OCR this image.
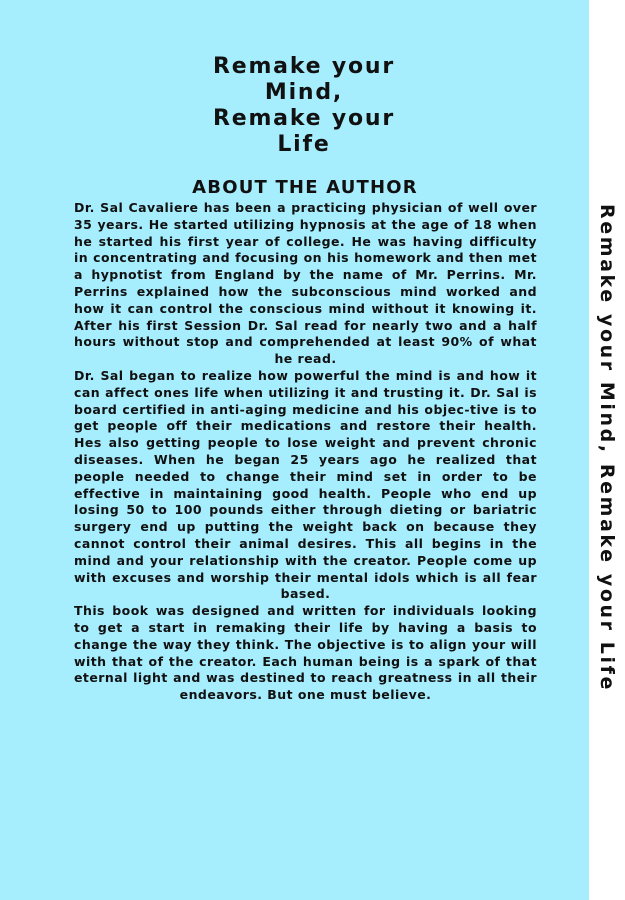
Remake your
Mind,
Remake your
Life
ABOUT THE AUTHOR

Dr. Sal Cavaliere has been a practicing physician of well over 35 years. He started utilizing hypnosis at the age of 18 when he started his first year of college. He was having difficulty in concentrating and focusing on his homework and then met a hypnotist from England by the name of Mr. Perrins. Mr. Perrins explained how the subconscious mind worked and how it can control the conscious mind without it knowing it. After his first Session Dr. Sal read for nearly two and a half hours without stop and comprehended at least 90% of what he read.

Dr. Sal began to realize how powerful the mind is and how it can affect ones life when utilizing it and trusting it. Dr. Sal is board certified in anti-aging medicine and his objec-tive is to get people off their medications and restore their health. Hes also getting people to lose weight and prevent chronic diseases. When he began 25 years ago he realized that people needed to change their mind set in order to be effective in maintaining good health. People who end up losing 50 to 100 pounds either through dieting or bariatric surgery end up putting the weight back on because they cannot control their animal desires. This all begins in the mind and your relationship with the creator. People come up with excuses and worship their mental idols which is all fear based.

This book was designed and written for individuals looking to get a start in remaking their life by having a basis to change the way they think. The objective is to align your will with that of the creator. Each human being is a spark of that eternal light and was destined to reach greatness in all their endeavors. But one must believe.

Remake your Mind, Remake your Life
